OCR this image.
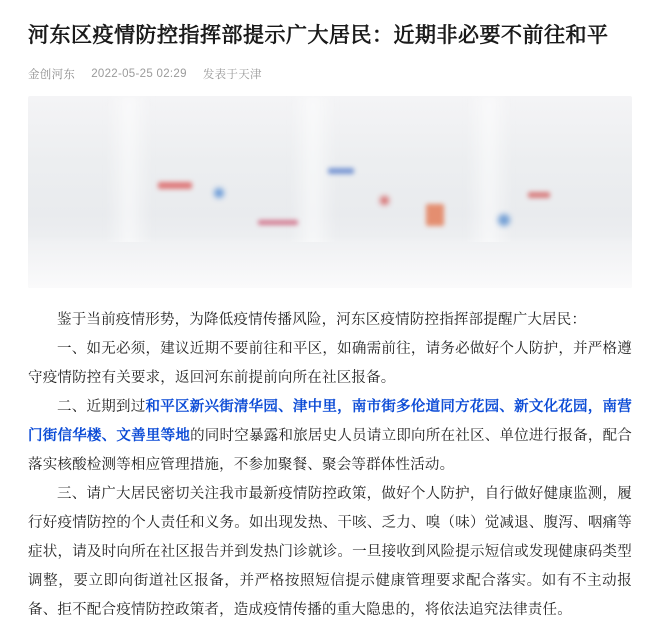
河东区疫情防控指挥部提示广大居民：近期非必要不前往和平
金创河东 2022-05-25 02:29 发表于天津

鉴于当前疫情形势，为降低疫情传播风险，河东区疫情防控指挥部提醒广大居民：

一、如无必须，建议近期不要前往和平区，如确需前往，请务必做好个人防护，并严格遵守疫情防控有关要求，返回河东前提前向所在社区报备。

二、近期到过和平区新兴街清华园、津中里，南市街多伦道同方花园、新文化花园，南营门街信华楼、文善里等地的同时空暴露和旅居史人员请立即向所在社区、单位进行报备，配合落实核酸检测等相应管理措施，不参加聚餐、聚会等群体性活动。

三、请广大居民密切关注我市最新疫情防控政策，做好个人防护，自行做好健康监测，履行好疫情防控的个人责任和义务。如出现发热、干咳、乏力、嗅（味）觉减退、腹泻、咽痛等症状，请及时向所在社区报告并到发热门诊就诊。一旦接收到风险提示短信或发现健康码类型调整，要立即向街道社区报备，并严格按照短信提示健康管理要求配合落实。如有不主动报备、拒不配合疫情防控政策者，造成疫情传播的重大隐患的，将依法追究法律责任。
